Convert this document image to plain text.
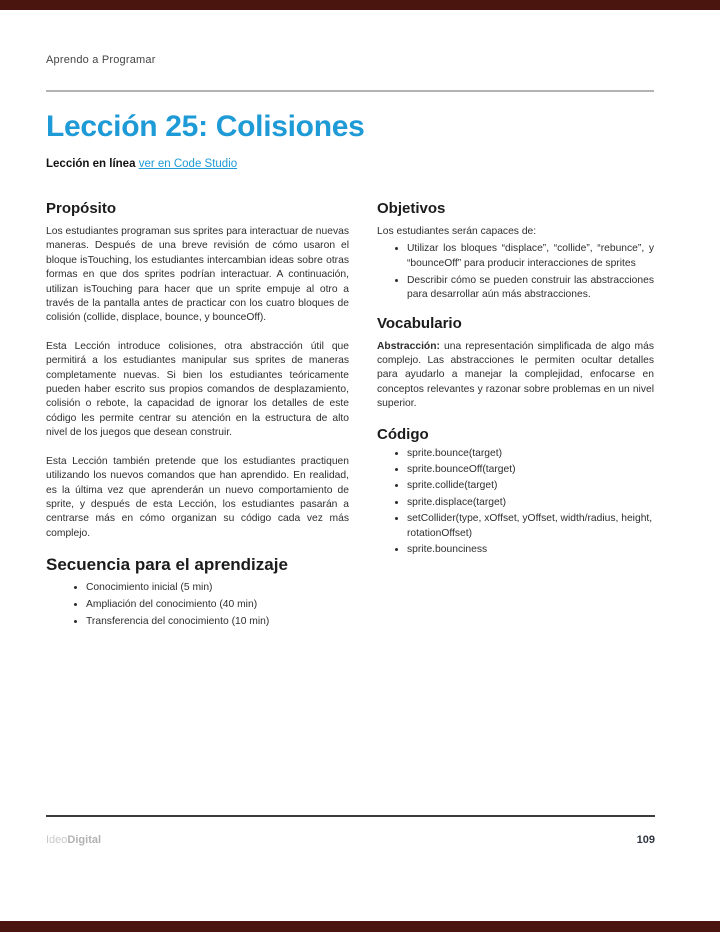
Aprendo a Programar
Lección 25: Colisiones
Lección en línea ver en Code Studio
Propósito

Los estudiantes programan sus sprites para interactuar de nuevas maneras. Después de una breve revisión de cómo usaron el bloque isTouching, los estudiantes intercambian ideas sobre otras formas en que dos sprites podrían interactuar. A continuación, utilizan isTouching para hacer que un sprite empuje al otro a través de la pantalla antes de practicar con los cuatro bloques de colisión (collide, displace, bounce, y bounceOff).

Esta Lección introduce colisiones, otra abstracción útil que permitirá a los estudiantes manipular sus sprites de maneras completamente nuevas. Si bien los estudiantes teóricamente pueden haber escrito sus propios comandos de desplazamiento, colisión o rebote, la capacidad de ignorar los detalles de este código les permite centrar su atención en la estructura de alto nivel de los juegos que desean construir.

Esta Lección también pretende que los estudiantes practiquen utilizando los nuevos comandos que han aprendido. En realidad, es la última vez que aprenderán un nuevo comportamiento de sprite, y después de esta Lección, los estudiantes pasarán a centrarse más en cómo organizan su código cada vez más complejo.

Secuencia para el aprendizaje
• Conocimiento inicial (5 min)
• Ampliación del conocimiento (40 min)
• Transferencia del conocimiento (10 min)
Objetivos

Los estudiantes serán capaces de:

• Utilizar los bloques “displace”, “collide”, “rebunce”, y “bounceOff” para producir interacciones de sprites
• Describir cómo se pueden construir las abstracciones para desarrollar aún más abstracciones.
Vocabulario

Abstracción: una representación simplificada de algo más complejo. Las abstracciones le permiten ocultar detalles para ayudarlo a manejar la complejidad, enfocarse en conceptos relevantes y razonar sobre problemas en un nivel superior.

Código
• sprite.bounce(target)
• sprite.bounceOff(target)
• sprite.collide(target)
• sprite.displace(target)
• setCollider(type, xOffset, yOffset, width/radius, height, rotationOffset)
• sprite.bounciness
IdeoDigital	109
